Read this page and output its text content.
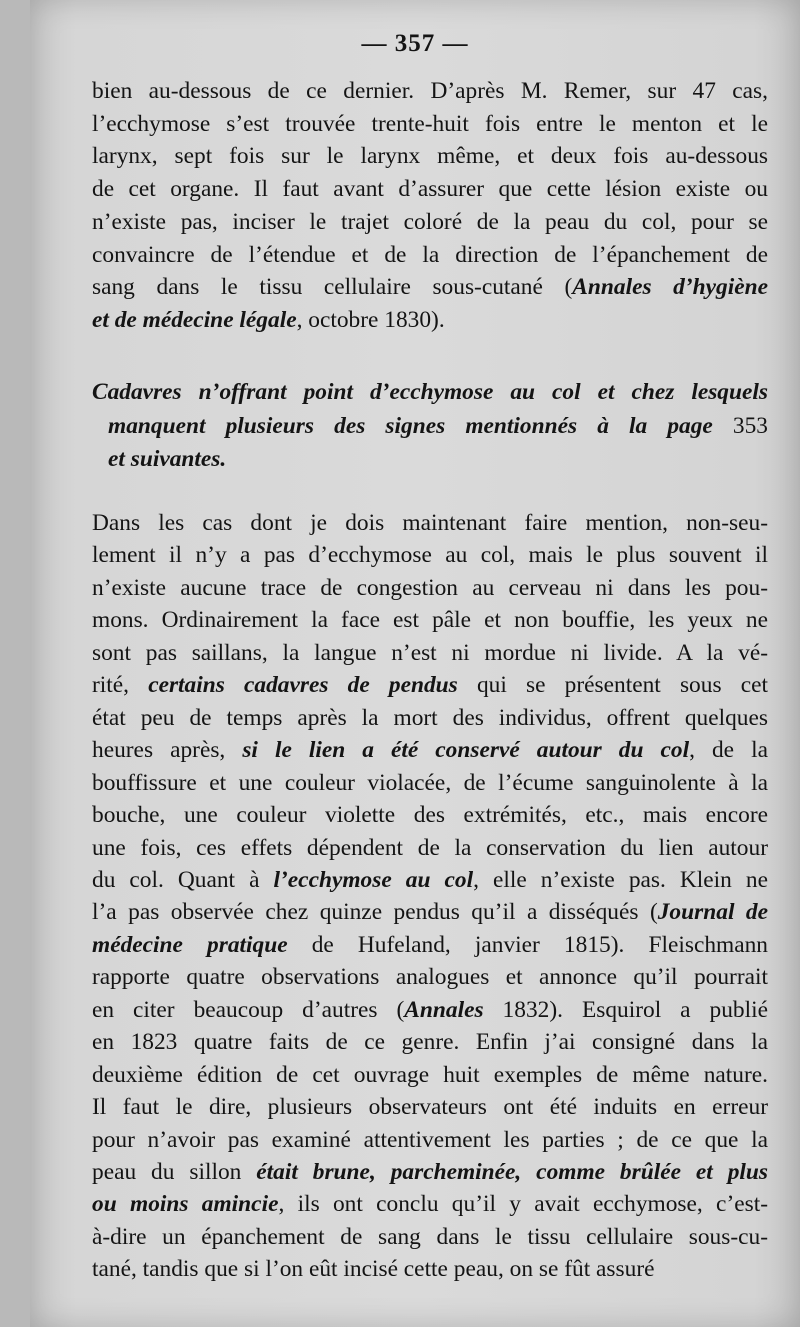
— 357 —
bien au-dessous de ce dernier. D’après M. Remer, sur 47 cas,
l’ecchymose s’est trouvée trente-huit fois entre le menton et le
larynx, sept fois sur le larynx même, et deux fois au-dessous
de cet organe. Il faut avant d’assurer que cette lésion existe ou
n’existe pas, inciser le trajet coloré de la peau du col, pour se
convaincre de l’étendue et de la direction de l’épanchement de
sang dans le tissu cellulaire sous-cutané (Annales d’hygiène
et de médecine légale, octobre 1830).
Cadavres n’offrant point d’ecchymose au col et chez lesquels
manquent plusieurs des signes mentionnés à la page 353
et suivantes.
Dans les cas dont je dois maintenant faire mention, non-seu-
lement il n’y a pas d’ecchymose au col, mais le plus souvent il
n’existe aucune trace de congestion au cerveau ni dans les pou-
mons. Ordinairement la face est pâle et non bouffie, les yeux ne
sont pas saillans, la langue n’est ni mordue ni livide. A la vé-
rité, certains cadavres de pendus qui se présentent sous cet
état peu de temps après la mort des individus, offrent quelques
heures après, si le lien a été conservé autour du col, de la
bouffissure et une couleur violacée, de l’écume sanguinolente à la
bouche, une couleur violette des extrémités, etc., mais encore
une fois, ces effets dépendent de la conservation du lien autour
du col. Quant à l’ecchymose au col, elle n’existe pas. Klein ne
l’a pas observée chez quinze pendus qu’il a disséqués (Journal de
médecine pratique de Hufeland, janvier 1815). Fleischmann
rapporte quatre observations analogues et annonce qu’il pourrait
en citer beaucoup d’autres (Annales 1832). Esquirol a publié
en 1823 quatre faits de ce genre. Enfin j’ai consigné dans la
deuxième édition de cet ouvrage huit exemples de même nature.
Il faut le dire, plusieurs observateurs ont été induits en erreur
pour n’avoir pas examiné attentivement les parties ; de ce que la
peau du sillon était brune, parcheminée, comme brûlée et plus
ou moins amincie, ils ont conclu qu’il y avait ecchymose, c’est-
à-dire un épanchement de sang dans le tissu cellulaire sous-cu-
tané, tandis que si l’on eût incisé cette peau, on se fût assuré
